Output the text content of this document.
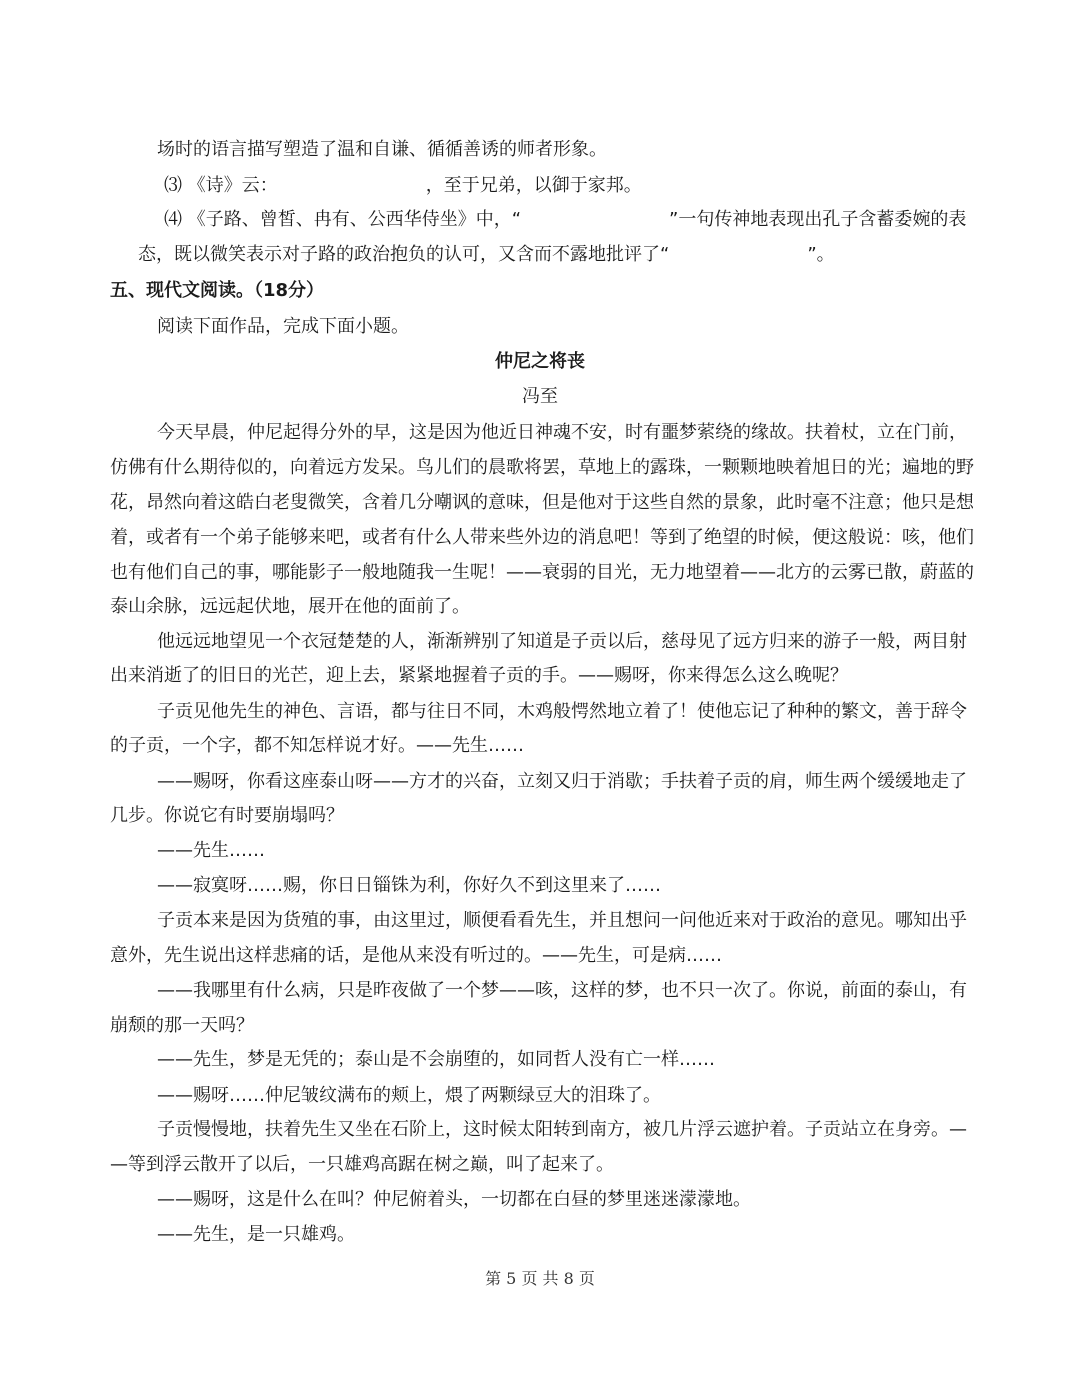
场时的语言描写塑造了温和自谦、循循善诱的师者形象。
⑶ 《诗》云：	，至于兄弟，以御于家邦。
⑷ 《子路、曾皙、冉有、公西华侍坐》中，“	”一句传神地表现出孔子含蓄委婉的表
态，既以微笑表示对子路的政治抱负的认可，又含而不露地批评了“	”。
五、现代文阅读。（18分）
阅读下面作品，完成下面小题。
仲尼之将丧
冯至
今天早晨，仲尼起得分外的早，这是因为他近日神魂不安，时有噩梦萦绕的缘故。扶着杖，立在门前，
仿佛有什么期待似的，向着远方发呆。鸟儿们的晨歌将罢，草地上的露珠，一颗颗地映着旭日的光；遍地的野
花，昂然向着这皓白老叟微笑，含着几分嘲讽的意味，但是他对于这些自然的景象，此时毫不注意；他只是想
着，或者有一个弟子能够来吧，或者有什么人带来些外边的消息吧！等到了绝望的时候，便这般说：咳，他们
也有他们自己的事，哪能影子一般地随我一生呢！——衰弱的目光，无力地望着——北方的云雾已散，蔚蓝的
泰山余脉，远远起伏地，展开在他的面前了。
他远远地望见一个衣冠楚楚的人，渐渐辨别了知道是子贡以后，慈母见了远方归来的游子一般，两目射
出来消逝了的旧日的光芒，迎上去，紧紧地握着子贡的手。——赐呀，你来得怎么这么晚呢？
子贡见他先生的神色、言语，都与往日不同，木鸡般愕然地立着了！使他忘记了种种的繁文，善于辞令
的子贡，一个字，都不知怎样说才好。——先生……
——赐呀，你看这座泰山呀——方才的兴奋，立刻又归于消歇；手扶着子贡的肩，师生两个缓缓地走了
几步。你说它有时要崩塌吗？
——先生……
——寂寞呀……赐，你日日锱铢为利，你好久不到这里来了……
子贡本来是因为货殖的事，由这里过，顺便看看先生，并且想问一问他近来对于政治的意见。哪知出乎
意外，先生说出这样悲痛的话，是他从来没有听过的。——先生，可是病……
——我哪里有什么病，只是昨夜做了一个梦——咳，这样的梦，也不只一次了。你说，前面的泰山，有
崩颓的那一天吗？
——先生，梦是无凭的；泰山是不会崩堕的，如同哲人没有亡一样……
——赐呀……仲尼皱纹满布的颊上，煨了两颗绿豆大的泪珠了。
子贡慢慢地，扶着先生又坐在石阶上，这时候太阳转到南方，被几片浮云遮护着。子贡站立在身旁。—
—等到浮云散开了以后，一只雄鸡高踞在树之巅，叫了起来了。
——赐呀，这是什么在叫？仲尼俯着头，一切都在白昼的梦里迷迷濛濛地。
——先生，是一只雄鸡。
第 5 页 共 8 页
